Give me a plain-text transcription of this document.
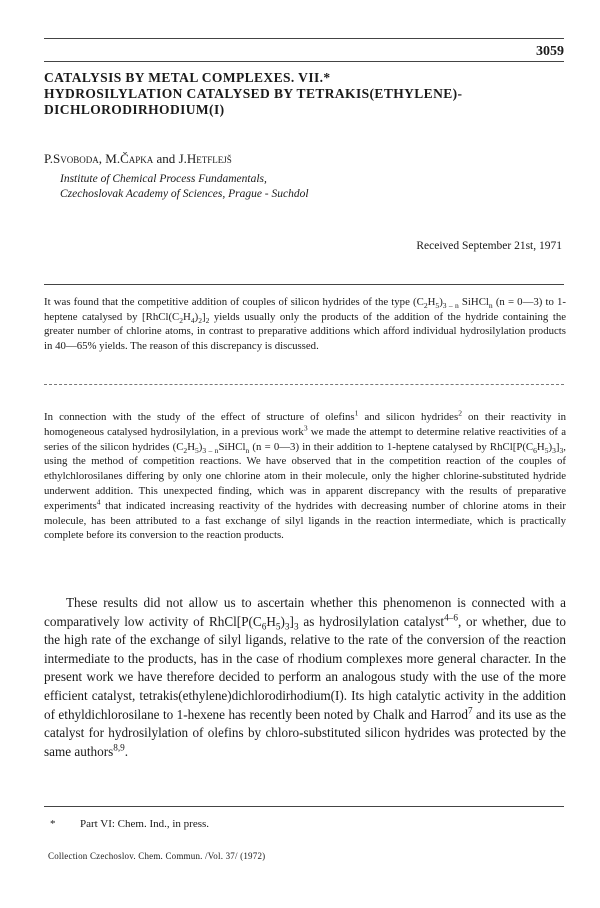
3059
CATALYSIS BY METAL COMPLEXES. VII.*
HYDROSILYLATION CATALYSED BY TETRAKIS(ETHYLENE)-
DICHLORODIRHODIUM(I)
P.Svoboda, M.Čapka and J.Hetflejš
Institute of Chemical Process Fundamentals,
Czechoslovak Academy of Sciences, Prague - Suchdol
Received September 21st, 1971
It was found that the competitive addition of couples of silicon hydrides of the type $(C_2H_5)_{3 - n}$ SiHCl$_n$ (n = 0—3) to 1-heptene catalysed by $[RhCl(C_2H_4)_2]_2$ yields usually only the products of the addition of the hydride containing the greater number of chlorine atoms, in contrast to preparative additions which afford individual hydrosilylation products in 40—65% yields. The reason of this discrepancy is discussed.
In connection with the study of the effect of structure of olefins$^1$ and silicon hydrides$^2$ on their reactivity in homogeneous catalysed hydrosilylation, in a previous work$^3$ we made the attempt to determine relative reactivities of a series of the silicon hydrides $(C_2H_5)_{3 - n}SiHCl_n$ (n = 0—3) in their addition to 1-heptene catalysed by $RhCl[P(C_6H_5)_3]_3$, using the method of competition reactions. We have observed that in the competition reaction of the couples of ethylchlorosilanes differing by only one chlorine atom in their molecule, only the higher chlorine-substituted hydride underwent addition. This unexpected finding, which was in apparent discrepancy with the results of preparative experiments$^4$ that indicated increasing reactivity of the hydrides with decreasing number of chlorine atoms in their molecule, has been attributed to a fast exchange of silyl ligands in the reaction intermediate, which is practically complete before its conversion to the reaction products.
These results did not allow us to ascertain whether this phenomenon is connected with a comparatively low activity of $RhCl[P(C_6H_5)_3]_3$ as hydrosilylation catalyst$^{4-6}$, or whether, due to the high rate of the exchange of silyl ligands, relative to the rate of the conversion of the reaction intermediate to the products, has in the case of rhodium complexes more general character. In the present work we have therefore decided to perform an analogous study with the use of the more efficient catalyst, tetrakis(ethylene)dichlorodirhodium(I). Its high catalytic activity in the addition of ethyldichlorosilane to 1-hexene has recently been noted by Chalk and Harrod$^7$ and its use as the catalyst for hydrosilylation of olefins by chloro-substituted silicon hydrides was protected by the same authors$^{8,9}$.
* Part VI: Chem. Ind., in press.
Collection Czechoslov. Chem. Commun. /Vol. 37/ (1972)
